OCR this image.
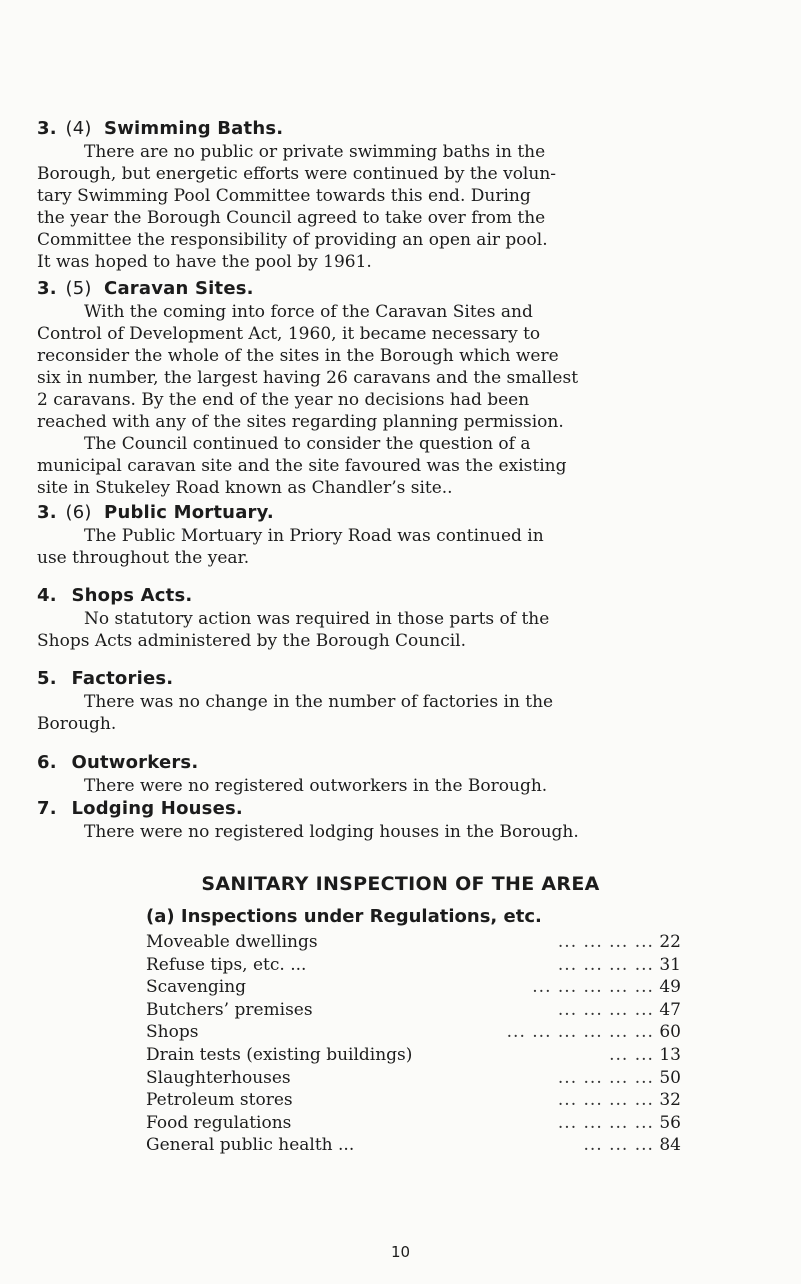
3. (4) Swimming Baths.
There are no public or private swimming baths in the
Borough, but energetic efforts were continued by the volun-
tary Swimming Pool Committee towards this end. During
the year the Borough Council agreed to take over from the
Committee the responsibility of providing an open air pool.
It was hoped to have the pool by 1961.
3. (5) Caravan Sites.
With the coming into force of the Caravan Sites and
Control of Development Act, 1960, it became necessary to
reconsider the whole of the sites in the Borough which were
six in number, the largest having 26 caravans and the smallest
2 caravans. By the end of the year no decisions had been
reached with any of the sites regarding planning permission.
The Council continued to consider the question of a
municipal caravan site and the site favoured was the existing
site in Stukeley Road known as Chandler’s site..
3. (6) Public Mortuary.
The Public Mortuary in Priory Road was continued in
use throughout the year.
4. Shops Acts.
No statutory action was required in those parts of the
Shops Acts administered by the Borough Council.
5. Factories.
There was no change in the number of factories in the
Borough.
6. Outworkers.
There were no registered outworkers in the Borough.
7. Lodging Houses.
There were no registered lodging houses in the Borough.
SANITARY INSPECTION OF THE AREA
(a) Inspections under Regulations, etc.
Moveable dwellings	... ... ... ... 22
Refuse tips, etc. ...	... ... ... ... 31
Scavenging	... ... ... ... ... 49
Butchers’ premises	... ... ... ... 47
Shops	... ... ... ... ... ... 60
Drain tests (existing buildings)	... ... 13
Slaughterhouses	... ... ... ... 50
Petroleum stores	... ... ... ... 32
Food regulations	... ... ... ... 56
General public health ...	... ... ... 84
10
